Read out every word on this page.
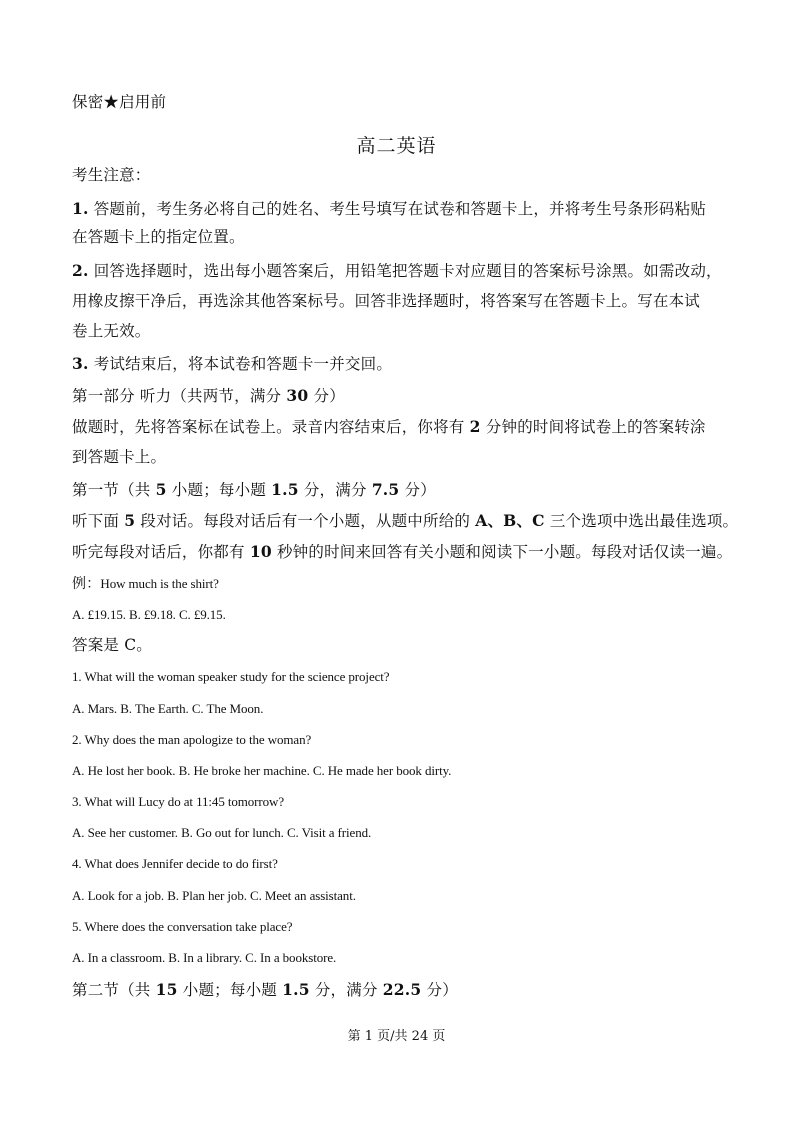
保密★启用前
高二英语
考生注意：
1. 答题前，考生务必将自己的姓名、考生号填写在试卷和答题卡上，并将考生号条形码粘贴
在答题卡上的指定位置。
2. 回答选择题时，选出每小题答案后，用铅笔把答题卡对应题目的答案标号涂黑。如需改动，
用橡皮擦干净后，再选涂其他答案标号。回答非选择题时，将答案写在答题卡上。写在本试
卷上无效。
3. 考试结束后，将本试卷和答题卡一并交回。
第一部分 听力（共两节，满分 30 分）
做题时，先将答案标在试卷上。录音内容结束后，你将有 2 分钟的时间将试卷上的答案转涂
到答题卡上。
第一节（共 5 小题；每小题 1.5 分，满分 7.5 分）
听下面 5 段对话。每段对话后有一个小题，从题中所给的 A、B、C 三个选项中选出最佳选项。
听完每段对话后，你都有 10 秒钟的时间来回答有关小题和阅读下一小题。每段对话仅读一遍。
例：How much is the shirt?
A. £19.15. B. £9.18. C. £9.15.
答案是 C。
1. What will the woman speaker study for the science project?
A. Mars. B. The Earth. C. The Moon.
2. Why does the man apologize to the woman?
A. He lost her book. B. He broke her machine. C. He made her book dirty.
3. What will Lucy do at 11:45 tomorrow?
A. See her customer. B. Go out for lunch. C. Visit a friend.
4. What does Jennifer decide to do first?
A. Look for a job. B. Plan her job. C. Meet an assistant.
5. Where does the conversation take place?
A. In a classroom. B. In a library. C. In a bookstore.
第二节（共 15 小题；每小题 1.5 分，满分 22.5 分）
第 1 页/共 24 页
